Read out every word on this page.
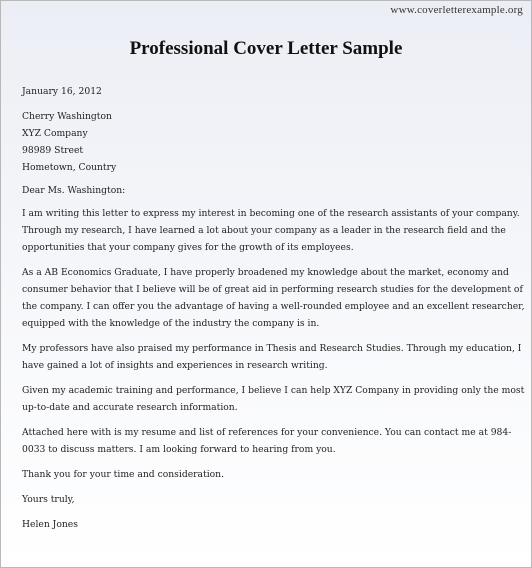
www.coverletterexample.org
Professional Cover Letter Sample
January 16, 2012
Cherry Washington
XYZ Company
98989 Street
Hometown, Country
Dear Ms. Washington:
I am writing this letter to express my interest in becoming one of the research assistants of your company.
Through my research, I have learned a lot about your company as a leader in the research field and the
opportunities that your company gives for the growth of its employees.
As a AB Economics Graduate, I have properly broadened my knowledge about the market, economy and
consumer behavior that I believe will be of great aid in performing research studies for the development of
the company. I can offer you the advantage of having a well-rounded employee and an excellent researcher,
equipped with the knowledge of the industry the company is in.
My professors have also praised my performance in Thesis and Research Studies. Through my education, I
have gained a lot of insights and experiences in research writing.
Given my academic training and performance, I believe I can help XYZ Company in providing only the most
up-to-date and accurate research information.
Attached here with is my resume and list of references for your convenience. You can contact me at 984-
0033 to discuss matters. I am looking forward to hearing from you.
Thank you for your time and consideration.
Yours truly,
Helen Jones
